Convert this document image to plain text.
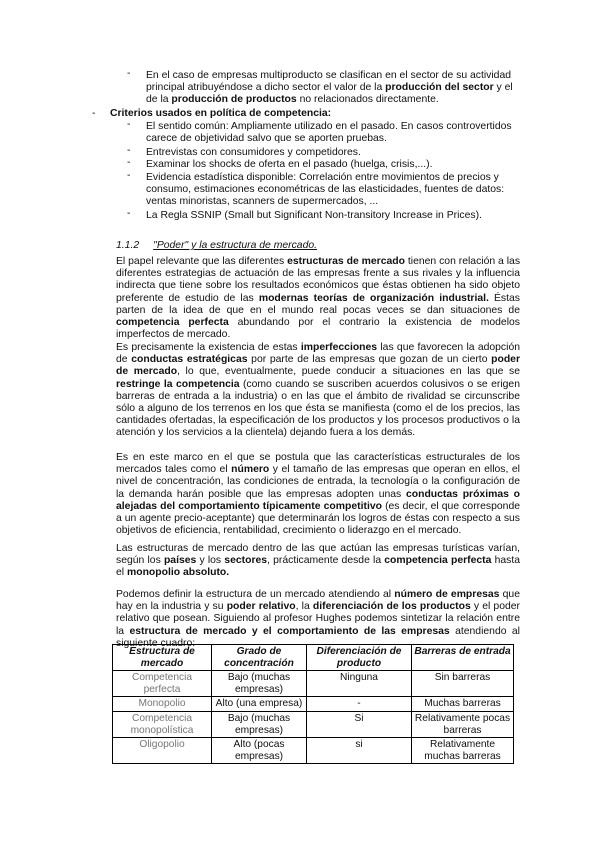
- En el caso de empresas multiproducto se clasifican en el sector de su actividad principal atribuyéndose a dicho sector el valor de la producción del sector y el de la producción de productos no relacionados directamente.
- Criterios usados en política de competencia:
- El sentido común: Ampliamente utilizado en el pasado. En casos controvertidos carece de objetividad salvo que se aporten pruebas.
- Entrevistas con consumidores y competidores.
- Examinar los shocks de oferta en el pasado (huelga, crisis,...).
- Evidencia estadística disponible: Correlación entre movimientos de precios y consumo, estimaciones econométricas de las elasticidades, fuentes de datos: ventas minoristas, scanners de supermercados, ...
- La Regla SSNIP (Small but Significant Non-transitory Increase in Prices).
1.1.2 "Poder" y la estructura de mercado.
El papel relevante que las diferentes estructuras de mercado tienen con relación a las diferentes estrategias de actuación de las empresas frente a sus rivales y la influencia indirecta que tiene sobre los resultados económicos que éstas obtienen ha sido objeto preferente de estudio de las modernas teorías de organización industrial. Éstas parten de la idea de que en el mundo real pocas veces se dan situaciones de competencia perfecta abundando por el contrario la existencia de modelos imperfectos de mercado.
Es precisamente la existencia de estas imperfecciones las que favorecen la adopción de conductas estratégicas por parte de las empresas que gozan de un cierto poder de mercado, lo que, eventualmente, puede conducir a situaciones en las que se restringe la competencia (como cuando se suscriben acuerdos colusivos o se erigen barreras de entrada a la industria) o en las que el ámbito de rivalidad se circunscribe sólo a alguno de los terrenos en los que ésta se manifiesta (como el de los precios, las cantidades ofertadas, la especificación de los productos y los procesos productivos o la atención y los servicios a la clientela) dejando fuera a los demás.
Es en este marco en el que se postula que las características estructurales de los mercados tales como el número y el tamaño de las empresas que operan en ellos, el nivel de concentración, las condiciones de entrada, la tecnología o la configuración de la demanda harán posible que las empresas adopten unas conductas próximas o alejadas del comportamiento típicamente competitivo (es decir, el que corresponde a un agente precio-aceptante) que determinarán los logros de éstas con respecto a sus objetivos de eficiencia, rentabilidad, crecimiento o liderazgo en el mercado.
Las estructuras de mercado dentro de las que actúan las empresas turísticas varían, según los países y los sectores, prácticamente desde la competencia perfecta hasta el monopolio absoluto.
Podemos definir la estructura de un mercado atendiendo al número de empresas que hay en la industria y su poder relativo, la diferenciación de los productos y el poder relativo que posean. Siguiendo al profesor Hughes podemos sintetizar la relación entre la estructura de mercado y el comportamiento de las empresas atendiendo al siguiente cuadro:
Estructura de mercado	Grado de concentración	Diferenciación de producto	Barreras de entrada
Competencia perfecta	Bajo (muchas empresas)	Ninguna	Sin barreras
Monopolio	Alto (una empresa)	-	Muchas barreras
Competencia monopolística	Bajo (muchas empresas)	Si	Relativamente pocas barreras
Oligopolio	Alto (pocas empresas)	si	Relativamente muchas barreras
